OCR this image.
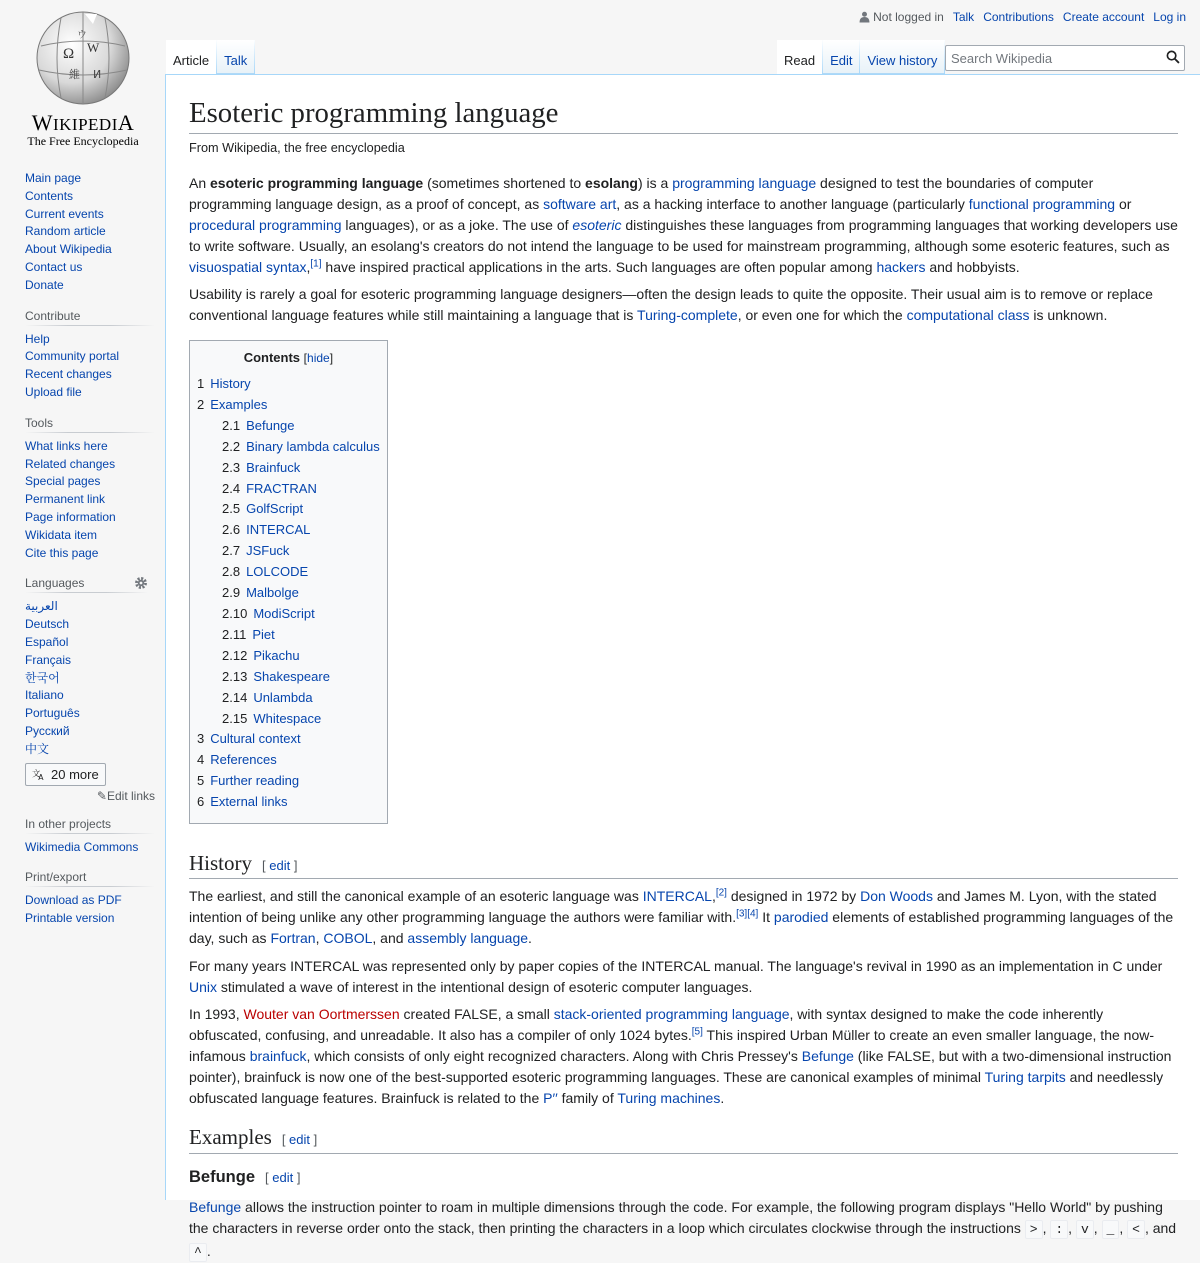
Ω W
維 И
ウ
WIKIPEDIA
The Free Encyclopedia
Not logged in Talk Contributions Create account Log in
Article	Talk	Read	Edit	View history
Search Wikipedia
Main page
Contents
Current events
Random article
About Wikipedia
Contact us
Donate
Contribute
Help
Community portal
Recent changes
Upload file
Tools
What links here
Related changes
Special pages
Permanent link
Page information
Wikidata item
Cite this page
Languages
العربية
Deutsch
Español
Français
한국어
Italiano
Português
Русский
中文
文
A 20 more
✎Edit links
In other projects
Wikimedia Commons
Print/export
Download as PDF
Printable version
Esoteric programming language
From Wikipedia, the free encyclopedia

An esoteric programming language (sometimes shortened to esolang) is a programming language designed to test the boundaries of computer programming language design, as a proof of concept, as software art, as a hacking interface to another language (particularly functional programming or procedural programming languages), or as a joke. The use of esoteric distinguishes these languages from programming languages that working developers use to write software. Usually, an esolang's creators do not intend the language to be used for mainstream programming, although some esoteric features, such as visuospatial syntax,[1] have inspired practical applications in the arts. Such languages are often popular among hackers and hobbyists.

Usability is rarely a goal for esoteric programming language designers—often the design leads to quite the opposite. Their usual aim is to remove or replace conventional language features while still maintaining a language that is Turing-complete, or even one for which the computational class is unknown.

Contents [hide]
1 History
2 Examples
2.1 Befunge
2.2 Binary lambda calculus
2.3 Brainfuck
2.4 FRACTRAN
2.5 GolfScript
2.6 INTERCAL
2.7 JSFuck
2.8 LOLCODE
2.9 Malbolge
2.10 ModiScript
2.11 Piet
2.12 Pikachu
2.13 Shakespeare
2.14 Unlambda
2.15 Whitespace
3 Cultural context
4 References
5 Further reading
6 External links
History [ edit ]

The earliest, and still the canonical example of an esoteric language was INTERCAL,[2] designed in 1972 by Don Woods and James M. Lyon, with the stated intention of being unlike any other programming language the authors were familiar with.[3][4] It parodied elements of established programming languages of the day, such as Fortran, COBOL, and assembly language.

For many years INTERCAL was represented only by paper copies of the INTERCAL manual. The language's revival in 1990 as an implementation in C under Unix stimulated a wave of interest in the intentional design of esoteric computer languages.

In 1993, Wouter van Oortmerssen created FALSE, a small stack-oriented programming language, with syntax designed to make the code inherently obfuscated, confusing, and unreadable. It also has a compiler of only 1024 bytes.[5] This inspired Urban Müller to create an even smaller language, the now-infamous brainfuck, which consists of only eight recognized characters. Along with Chris Pressey's Befunge (like FALSE, but with a two-dimensional instruction pointer), brainfuck is now one of the best-supported esoteric programming languages. These are canonical examples of minimal Turing tarpits and needlessly obfuscated language features. Brainfuck is related to the P′′ family of Turing machines.

Examples [ edit ]
Befunge [ edit ]

Befunge allows the instruction pointer to roam in multiple dimensions through the code. For example, the following program displays "Hello World" by pushing the characters in reverse order onto the stack, then printing the characters in a loop which circulates clockwise through the instructions > , : , v , _ , < , and ^ .
